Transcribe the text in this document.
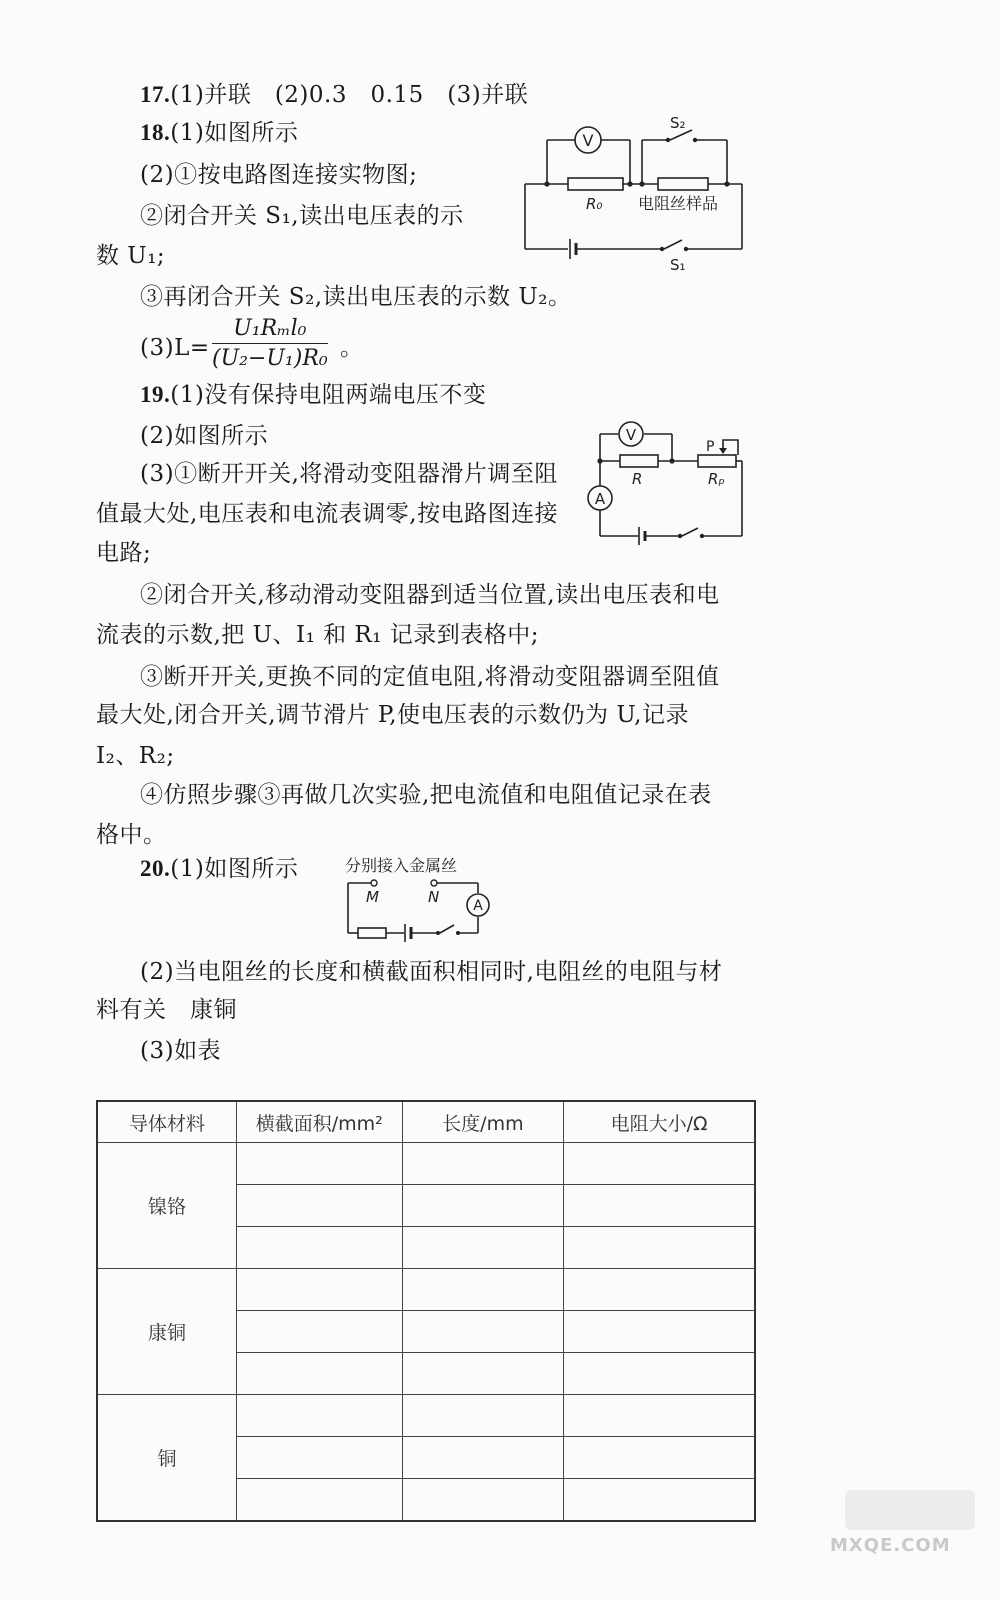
17.(1)并联　(2)0.3　0.15　(3)并联
18.(1)如图所示
(2)①按电路图连接实物图;
②闭合开关 S₁,读出电压表的示
数 U₁;
③再闭合开关 S₂,读出电压表的示数 U₂。
(3)L=
U₁Rₘl₀
(U₂−U₁)R₀ 。
V
S₂
R₀ 电阻丝样品
S₁
19.(1)没有保持电阻两端电压不变
(2)如图所示
(3)①断开开关,将滑动变阻器滑片调至阻
值最大处,电压表和电流表调零,按电路图连接
电路;
②闭合开关,移动滑动变阻器到适当位置,读出电压表和电
流表的示数,把 U、I₁ 和 R₁ 记录到表格中;
③断开开关,更换不同的定值电阻,将滑动变阻器调至阻值
最大处,闭合开关,调节滑片 P,使电压表的示数仍为 U,记录
I₂、R₂;
④仿照步骤③再做几次实验,把电流值和电阻值记录在表
格中。
V
A
P
R	Rₚ
20.(1)如图所示	分别接入金属丝
A
M	N
(2)当电阻丝的长度和横截面积相同时,电阻丝的电阻与材
料有关　康铜
(3)如表
导体材料	横截面积/mm²	长度/mm	电阻大小/Ω
镍铬			

康铜			

铜			

MXQE.COM
